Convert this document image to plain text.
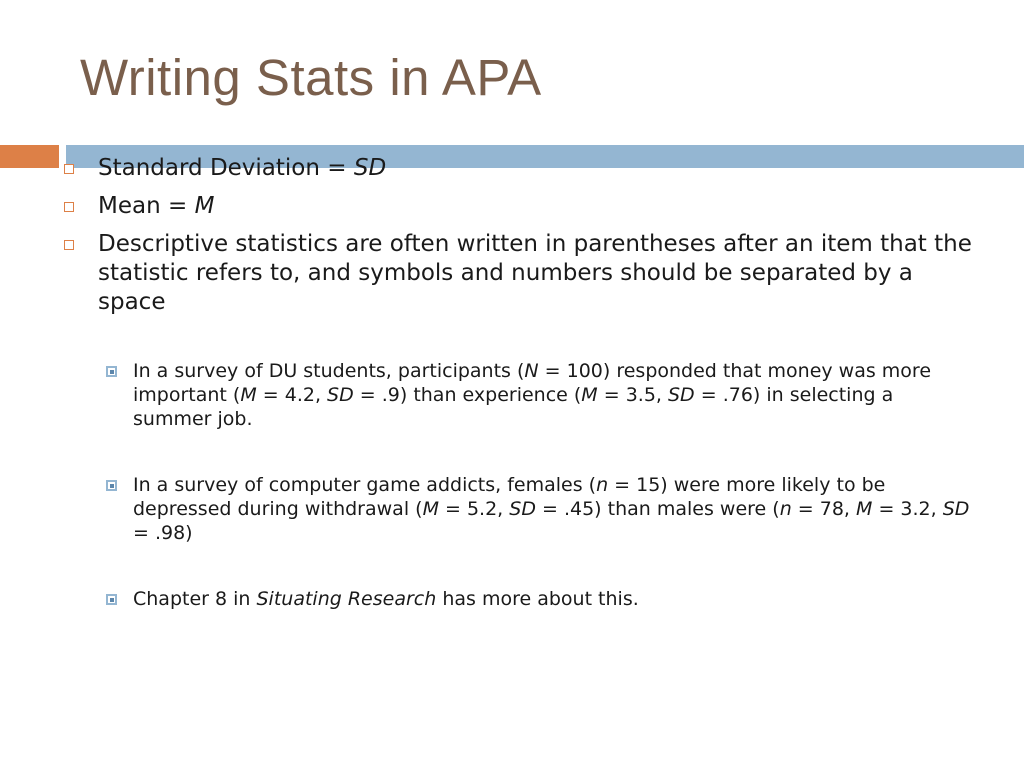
Writing Stats in APA
Standard Deviation = SD
Mean = M
Descriptive statistics are often written in parentheses after an item that the statistic refers to, and symbols and numbers should be separated by a space
In a survey of DU students, participants (N = 100) responded that money was more important (M = 4.2, SD = .9) than experience (M = 3.5, SD = .76) in selecting a summer job.
In a survey of computer game addicts, females (n = 15) were more likely to be depressed during withdrawal (M = 5.2, SD = .45) than males were (n = 78, M = 3.2, SD = .98)
Chapter 8 in Situating Research has more about this.
